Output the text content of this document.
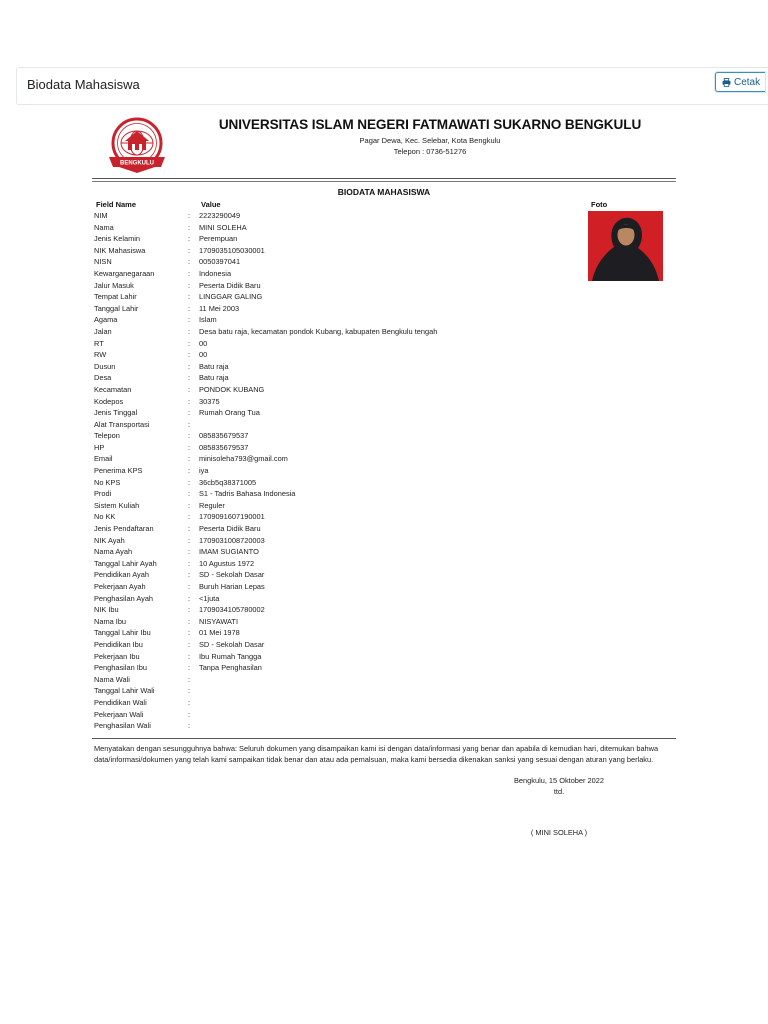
Biodata Mahasiswa	Cetak
BENGKULU
UNIVERSITAS ISLAM NEGERI FATMAWATI SUKARNO BENGKULU
Pagar Dewa, Kec. Selebar, Kota Bengkulu
Telepon : 0736-51276
BIODATA MAHASISWA
Field Name	Value	Foto
NIM	: 2223290049
Nama	: MINI SOLEHA
Jenis Kelamin	: Perempuan
NIK Mahasiswa	: 1709035105030001
NISN	: 0050397041
Kewarganegaraan	: Indonesia
Jalur Masuk	: Peserta Didik Baru
Tempat Lahir	: LINGGAR GALING
Tanggal Lahir	: 11 Mei 2003
Agama	: Islam
Jalan	: Desa batu raja, kecamatan pondok Kubang, kabupaten Bengkulu tengah
RT	: 00
RW	: 00
Dusun	: Batu raja
Desa	: Batu raja
Kecamatan	: PONDOK KUBANG
Kodepos	: 30375
Jenis Tinggal	: Rumah Orang Tua
Alat Transportasi	:
Telepon	: 085835679537
HP	: 085835679537
Email	: minisoleha793@gmail.com
Penerima KPS	: iya
No KPS	: 36cb5q38371005
Prodi	: S1 - Tadris Bahasa Indonesia
Sistem Kuliah	: Reguler
No KK	: 1709091607190001
Jenis Pendaftaran	: Peserta Didik Baru
NIK Ayah	: 1709031008720003
Nama Ayah	: IMAM SUGIANTO
Tanggal Lahir Ayah	: 10 Agustus 1972
Pendidikan Ayah	: SD - Sekolah Dasar
Pekerjaan Ayah	: Buruh Harian Lepas
Penghasilan Ayah	: <1juta
NIK Ibu	: 1709034105780002
Nama Ibu	: NISYAWATI
Tanggal Lahir Ibu	: 01 Mei 1978
Pendidikan Ibu	: SD - Sekolah Dasar
Pekerjaan Ibu	: Ibu Rumah Tangga
Penghasilan Ibu	: Tanpa Penghasilan
Nama Wali	:
Tanggal Lahir Wali	:
Pendidikan Wali	:
Pekerjaan Wali	:
Penghasilan Wali	:
Menyatakan dengan sesungguhnya bahwa: Seluruh dokumen yang disampaikan kami isi dengan data/informasi yang benar dan apabila di kemudian hari, ditemukan bahwa data/informasi/dokumen yang telah kami sampaikan tidak benar dan atau ada pemalsuan, maka kami bersedia dikenakan sanksi yang sesuai dengan aturan yang berlaku.
Bengkulu, 15 Oktober 2022
ttd.
( MINI SOLEHA )
